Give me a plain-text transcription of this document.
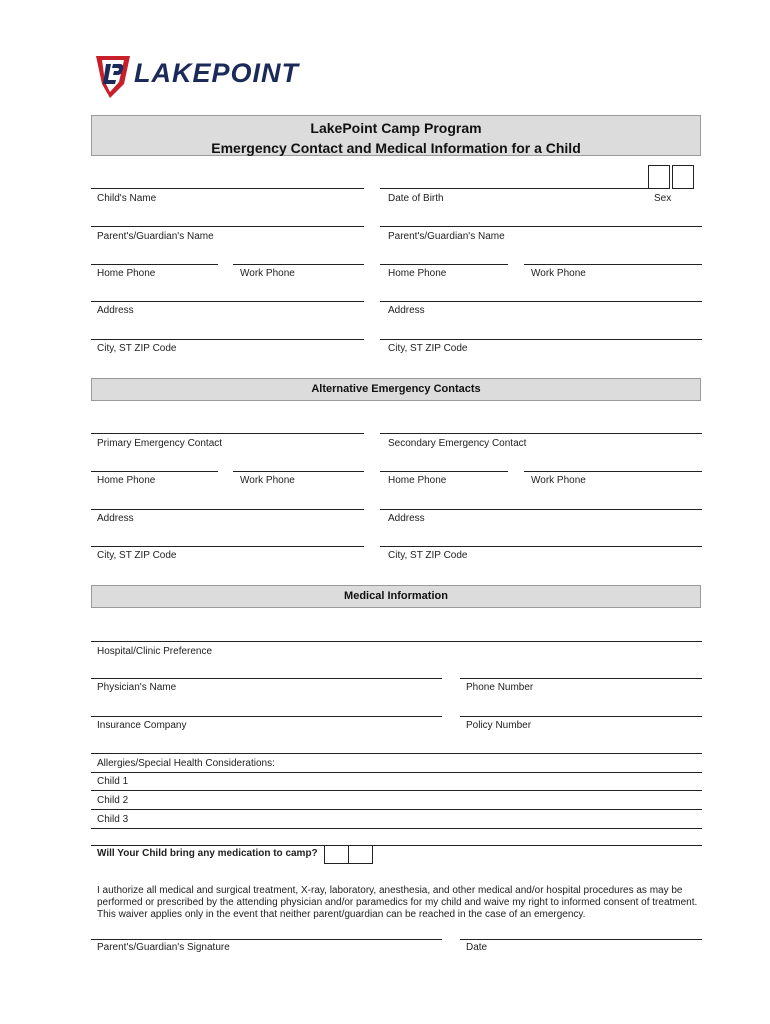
LAKEPOINT
LakePoint Camp Program
Emergency Contact and Medical Information for a Child
Child's Name	Date of Birth	Sex
Parent's/Guardian's Name	Parent's/Guardian's Name
Home Phone	Work Phone	Home Phone	Work Phone
Address	Address
City, ST ZIP Code	City, ST ZIP Code
Alternative Emergency Contacts
Primary Emergency Contact	Secondary Emergency Contact
Home Phone	Work Phone	Home Phone	Work Phone
Address	Address
City, ST ZIP Code	City, ST ZIP Code
Medical Information
Hospital/Clinic Preference
Physician's Name	Phone Number
Insurance Company	Policy Number
Allergies/Special Health Considerations:
Child 1
Child 2
Child 3
Will Your Child bring any medication to camp?
I authorize all medical and surgical treatment, X-ray, laboratory, anesthesia, and other medical and/or hospital procedures as may be performed or prescribed by the attending physician and/or paramedics for my child and waive my right to informed consent of treatment. This waiver applies only in the event that neither parent/guardian can be reached in the case of an emergency.
Parent's/Guardian's Signature	Date
